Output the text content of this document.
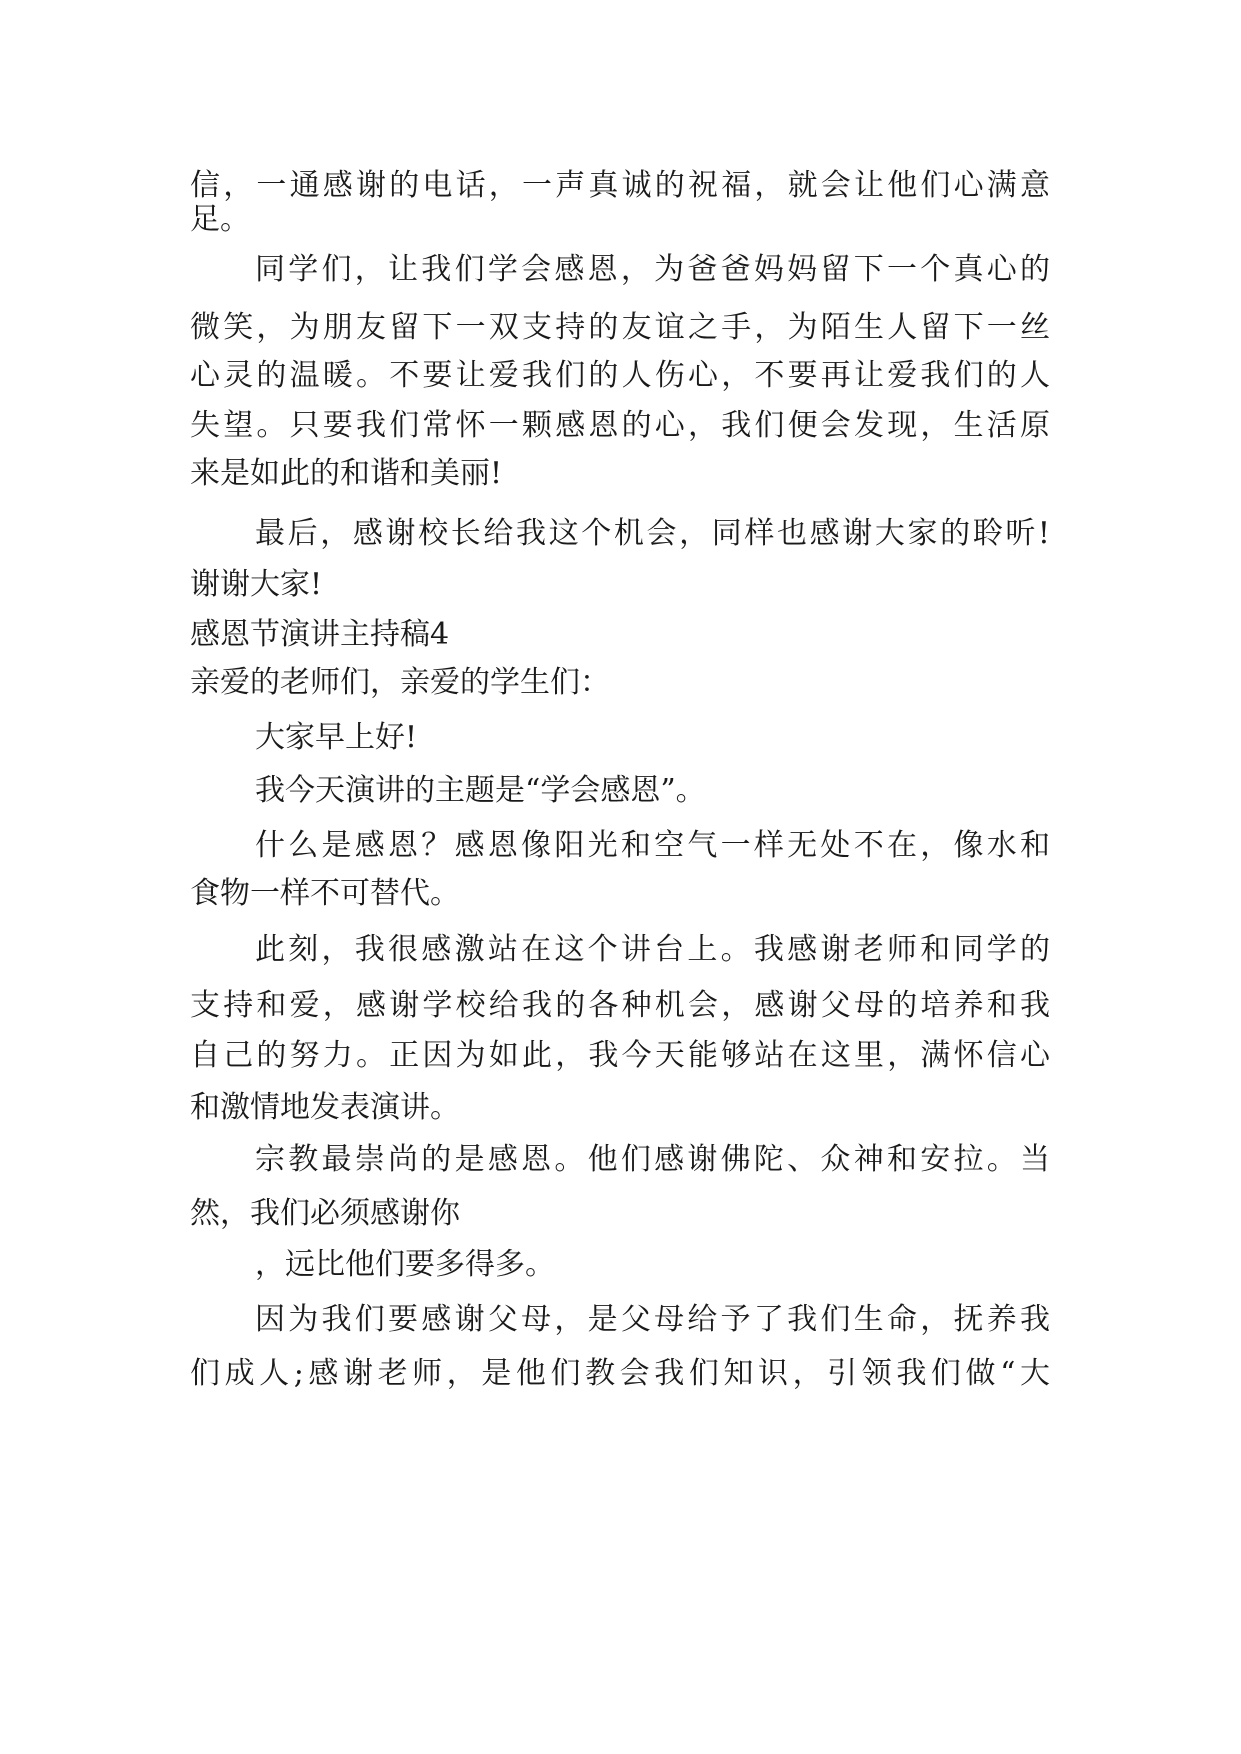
信，一通感谢的电话，一声真诚的祝福，就会让他们心满意
足。
同学们，让我们学会感恩，为爸爸妈妈留下一个真心的
微笑，为朋友留下一双支持的友谊之手，为陌生人留下一丝
心灵的温暖。不要让爱我们的人伤心，不要再让爱我们的人
失望。只要我们常怀一颗感恩的心，我们便会发现，生活原
来是如此的和谐和美丽!
最后，感谢校长给我这个机会，同样也感谢大家的聆听!
谢谢大家!
感恩节演讲主持稿4
亲爱的老师们，亲爱的学生们：
大家早上好!
我今天演讲的主题是“学会感恩”。
什么是感恩？感恩像阳光和空气一样无处不在，像水和
食物一样不可替代。
此刻，我很感激站在这个讲台上。我感谢老师和同学的
支持和爱，感谢学校给我的各种机会，感谢父母的培养和我
自己的努力。正因为如此，我今天能够站在这里，满怀信心
和激情地发表演讲。
宗教最崇尚的是感恩。他们感谢佛陀、众神和安拉。当
然，我们必须感谢你
，远比他们要多得多。
因为我们要感谢父母，是父母给予了我们生命，抚养我
们成人;感谢老师，是他们教会我们知识，引领我们做“大
